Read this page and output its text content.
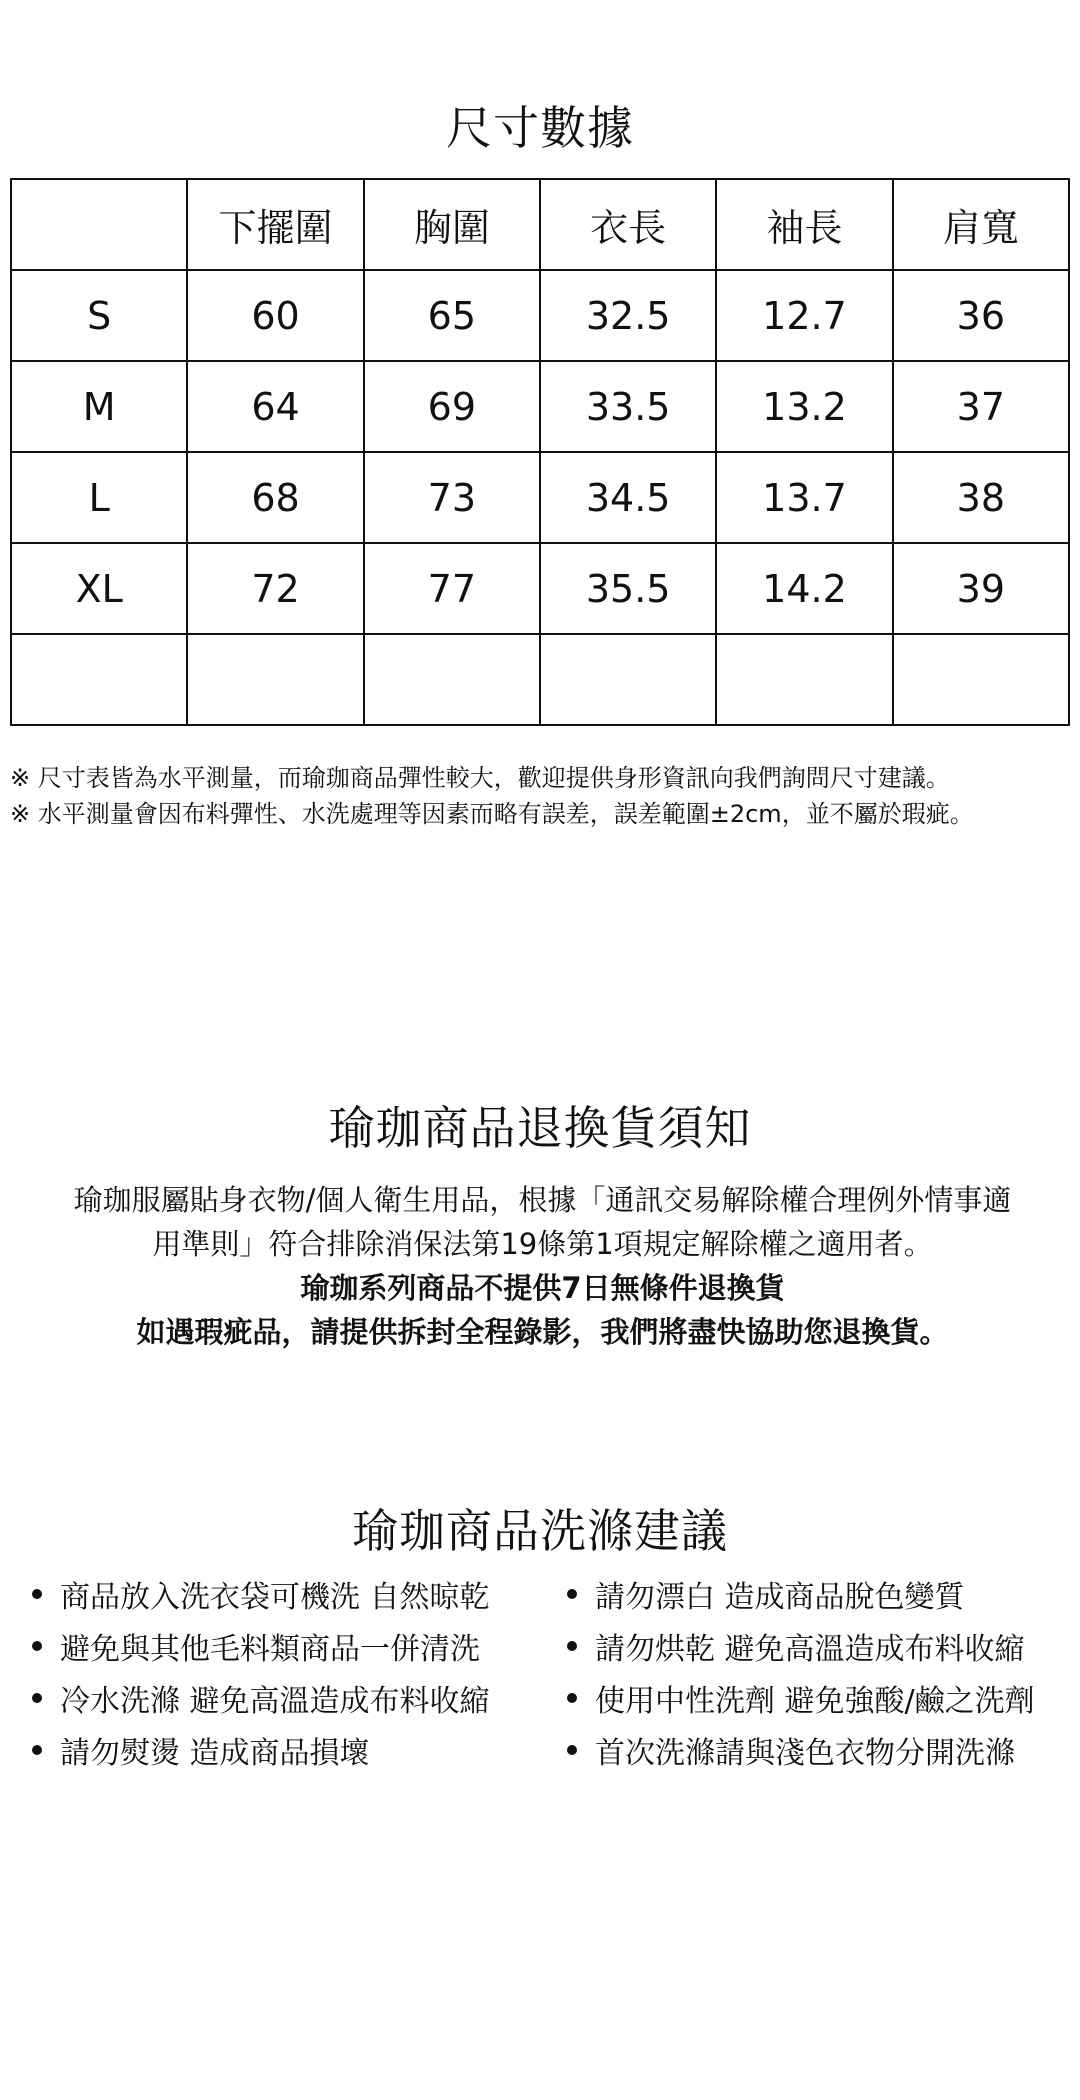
尺寸數據
	下擺圍	胸圍	衣長	袖長	肩寬
S	60	65	32.5	12.7	36
M	64	69	33.5	13.2	37
L	68	73	34.5	13.7	38
XL	72	77	35.5	14.2	39

※ 尺寸表皆為水平測量，而瑜珈商品彈性較大，歡迎提供身形資訊向我們詢問尺寸建議。
※ 水平測量會因布料彈性、水洗處理等因素而略有誤差，誤差範圍±2cm，並不屬於瑕疵。
瑜珈商品退換貨須知
瑜珈服屬貼身衣物/個人衛生用品，根據「通訊交易解除權合理例外情事適
用準則」符合排除消保法第19條第1項規定解除權之適用者。
瑜珈系列商品不提供7日無條件退換貨
如遇瑕疵品，請提供拆封全程錄影，我們將盡快協助您退換貨。
瑜珈商品洗滌建議
商品放入洗衣袋可機洗 自然晾乾	請勿漂白 造成商品脫色變質
避免與其他毛料類商品一併清洗	請勿烘乾 避免高溫造成布料收縮
冷水洗滌 避免高溫造成布料收縮	使用中性洗劑 避免強酸/鹼之洗劑
請勿熨燙 造成商品損壞	首次洗滌請與淺色衣物分開洗滌
